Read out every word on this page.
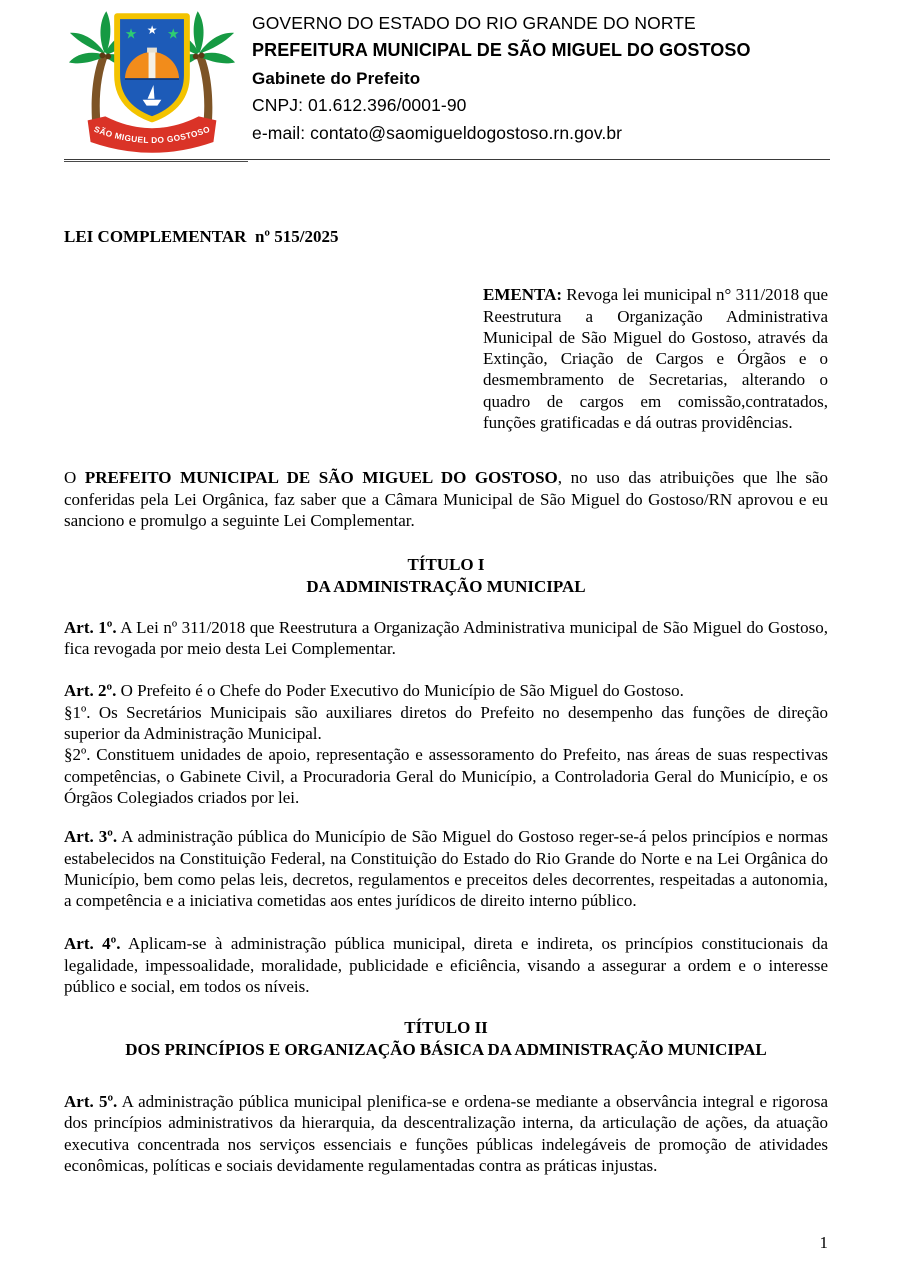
★ ★ ★
SÃO MIGUEL DO GOSTOSO
GOVERNO DO ESTADO DO RIO GRANDE DO NORTE
PREFEITURA MUNICIPAL DE SÃO MIGUEL DO GOSTOSO
Gabinete do Prefeito
CNPJ: 01.612.396/0001-90
e-mail: contato@saomigueldogostoso.rn.gov.br

LEI COMPLEMENTAR  nº 515/2025

EMENTA: Revoga lei municipal n° 311/2018 que Reestrutura a Organização Administrativa Municipal de São Miguel do Gostoso, através da Extinção, Criação de Cargos e Órgãos e o desmembramento de Secretarias, alterando o quadro de cargos em comissão,contratados, funções gratificadas e dá outras providências.

O PREFEITO MUNICIPAL DE SÃO MIGUEL DO GOSTOSO, no uso das atribuições que lhe são conferidas pela Lei Orgânica, faz saber que a Câmara Municipal de São Miguel do Gostoso/RN aprovou e eu sanciono e promulgo a seguinte Lei Complementar.

TÍTULO I

DA ADMINISTRAÇÃO MUNICIPAL

Art. 1º. A Lei nº 311/2018 que Reestrutura a Organização Administrativa municipal de São Miguel do Gostoso, fica revogada por meio desta Lei Complementar.

Art. 2º. O Prefeito é o Chefe do Poder Executivo do Município de São Miguel do Gostoso.

§1º. Os Secretários Municipais são auxiliares diretos do Prefeito no desempenho das funções de direção superior da Administração Municipal.

§2º. Constituem unidades de apoio, representação e assessoramento do Prefeito, nas áreas de suas respectivas competências, o Gabinete Civil, a Procuradoria Geral do Município, a Controladoria Geral do Município, e os Órgãos Colegiados criados por lei.

Art. 3º. A administração pública do Município de São Miguel do Gostoso reger-se-á pelos princípios e normas estabelecidos na Constituição Federal, na Constituição do Estado do Rio Grande do Norte e na Lei Orgânica do Município, bem como pelas leis, decretos, regulamentos e preceitos deles decorrentes, respeitadas a autonomia, a competência e a iniciativa cometidas aos entes jurídicos de direito interno público.

Art. 4º. Aplicam-se à administração pública municipal, direta e indireta, os princípios constitucionais da legalidade, impessoalidade, moralidade, publicidade e eficiência, visando a assegurar a ordem e o interesse público e social, em todos os níveis.

TÍTULO II

DOS PRINCÍPIOS E ORGANIZAÇÃO BÁSICA DA ADMINISTRAÇÃO MUNICIPAL

Art. 5º. A administração pública municipal plenifica-se e ordena-se mediante a observância integral e rigorosa dos princípios administrativos da hierarquia, da descentralização interna, da articulação de ações, da atuação executiva concentrada nos serviços essenciais e funções públicas indelegáveis de promoção de atividades econômicas, políticas e sociais devidamente regulamentadas contra as práticas injustas.

1
